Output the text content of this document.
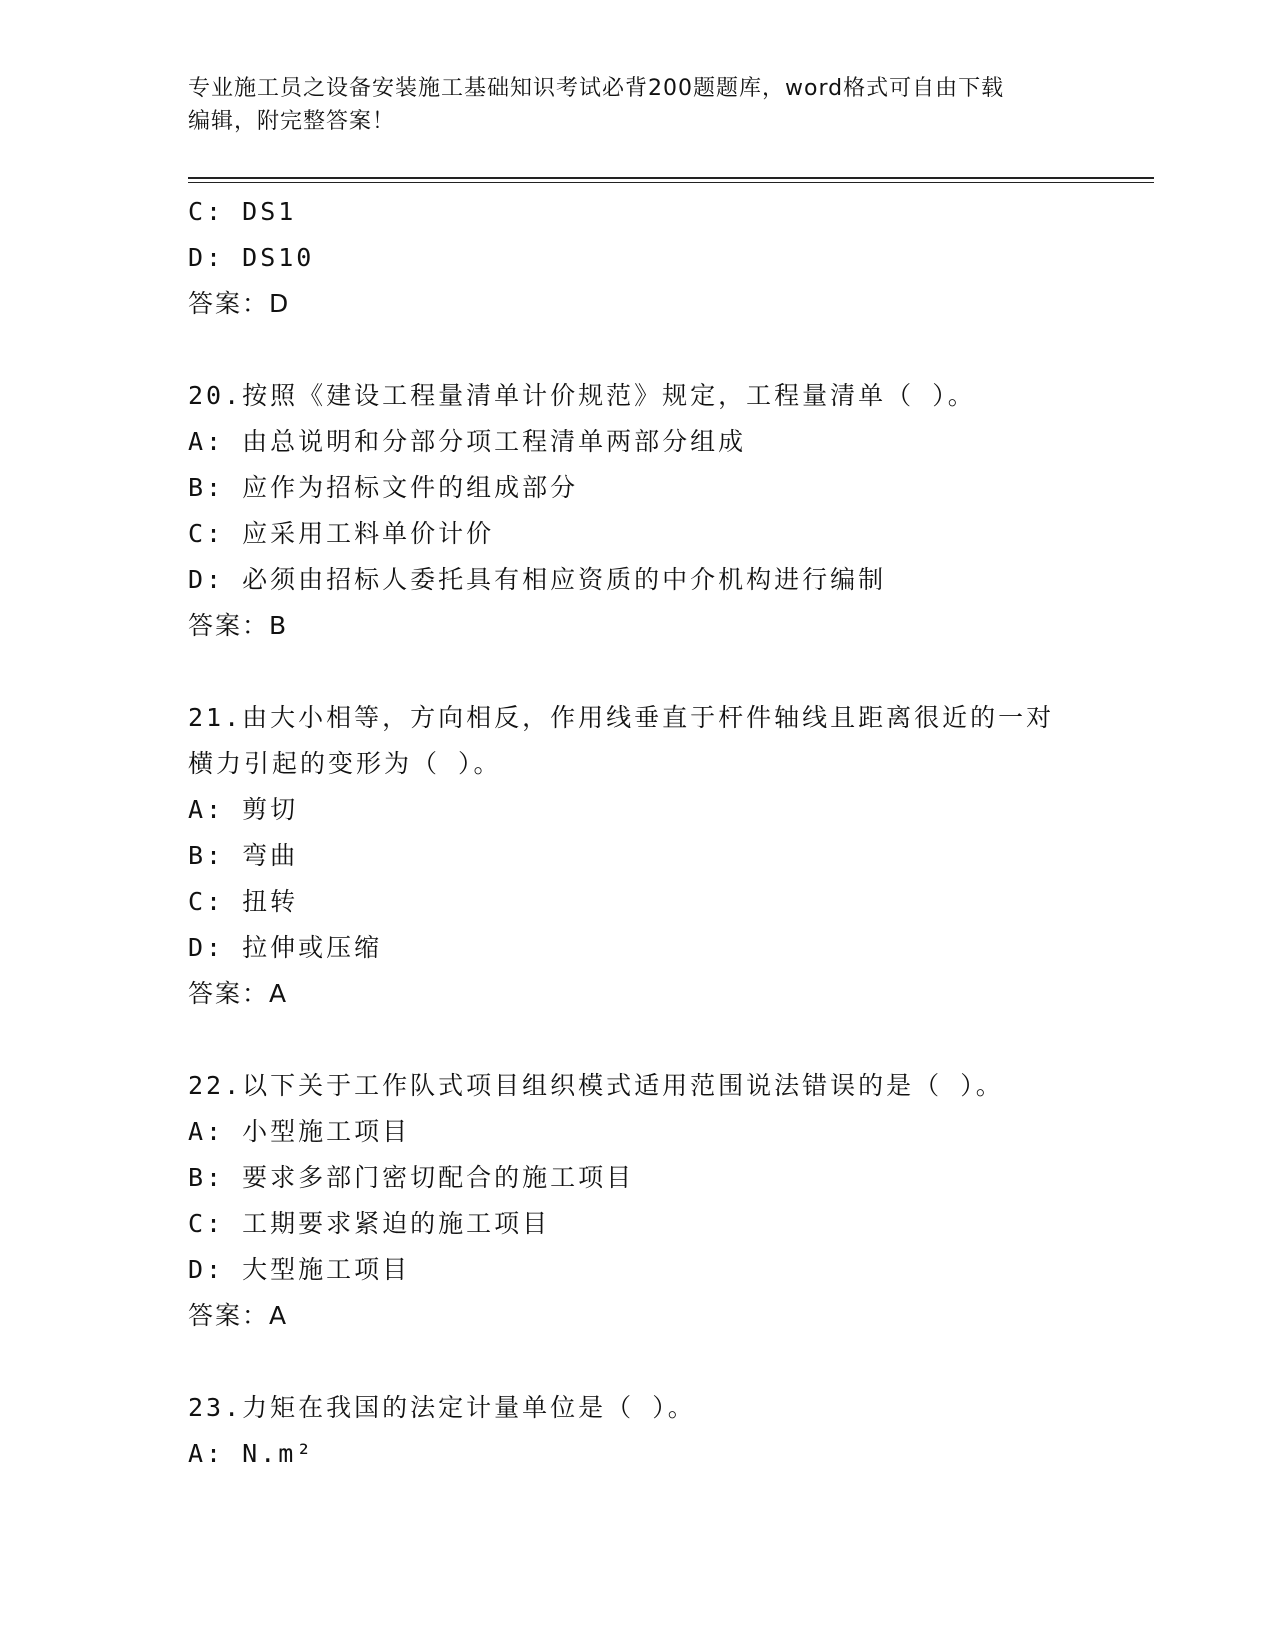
专业施工员之设备安装施工基础知识考试必背200题题库，word格式可自由下载
编辑，附完整答案！
C: DS1
D: DS10
答案：D
20.按照《建设工程量清单计价规范》规定，工程量清单（ ）。
A: 由总说明和分部分项工程清单两部分组成
B: 应作为招标文件的组成部分
C: 应采用工料单价计价
D: 必须由招标人委托具有相应资质的中介机构进行编制
答案：B
21.由大小相等，方向相反，作用线垂直于杆件轴线且距离很近的一对
横力引起的变形为（ ）。
A: 剪切
B: 弯曲
C: 扭转
D: 拉伸或压缩
答案：A
22.以下关于工作队式项目组织模式适用范围说法错误的是（ ）。
A: 小型施工项目
B: 要求多部门密切配合的施工项目
C: 工期要求紧迫的施工项目
D: 大型施工项目
答案：A
23.力矩在我国的法定计量单位是（ ）。
A: N.m²
